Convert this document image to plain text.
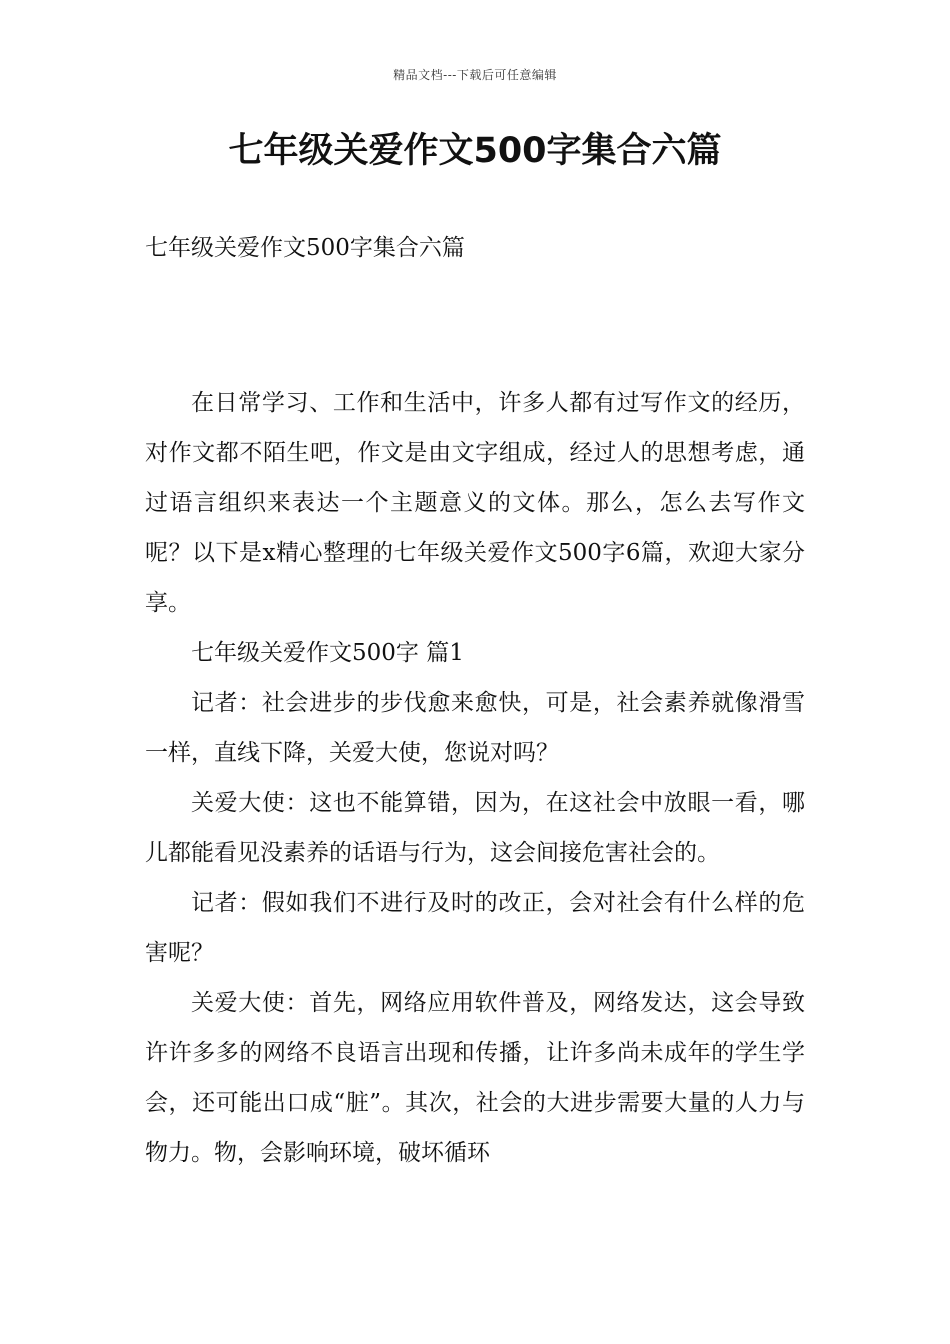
精品文档---下载后可任意编辑
七年级关爱作文500字集合六篇
七年级关爱作文500字集合六篇

在日常学习、工作和生活中，许多人都有过写作文的经历，对作文都不陌生吧，作文是由文字组成，经过人的思想考虑，通过语言组织来表达一个主题意义的文体。那么，怎么去写作文呢？以下是x精心整理的七年级关爱作文500字6篇，欢迎大家分享。

七年级关爱作文500字 篇1

记者：社会进步的步伐愈来愈快，可是，社会素养就像滑雪一样，直线下降，关爱大使，您说对吗？

关爱大使：这也不能算错，因为，在这社会中放眼一看，哪儿都能看见没素养的话语与行为，这会间接危害社会的。

记者：假如我们不进行及时的改正，会对社会有什么样的危害呢？

关爱大使：首先，网络应用软件普及，网络发达，这会导致许许多多的网络不良语言出现和传播，让许多尚未成年的学生学会，还可能出口成“脏”。其次，社会的大进步需要大量的人力与物力。物，会影响环境，破坏循环
